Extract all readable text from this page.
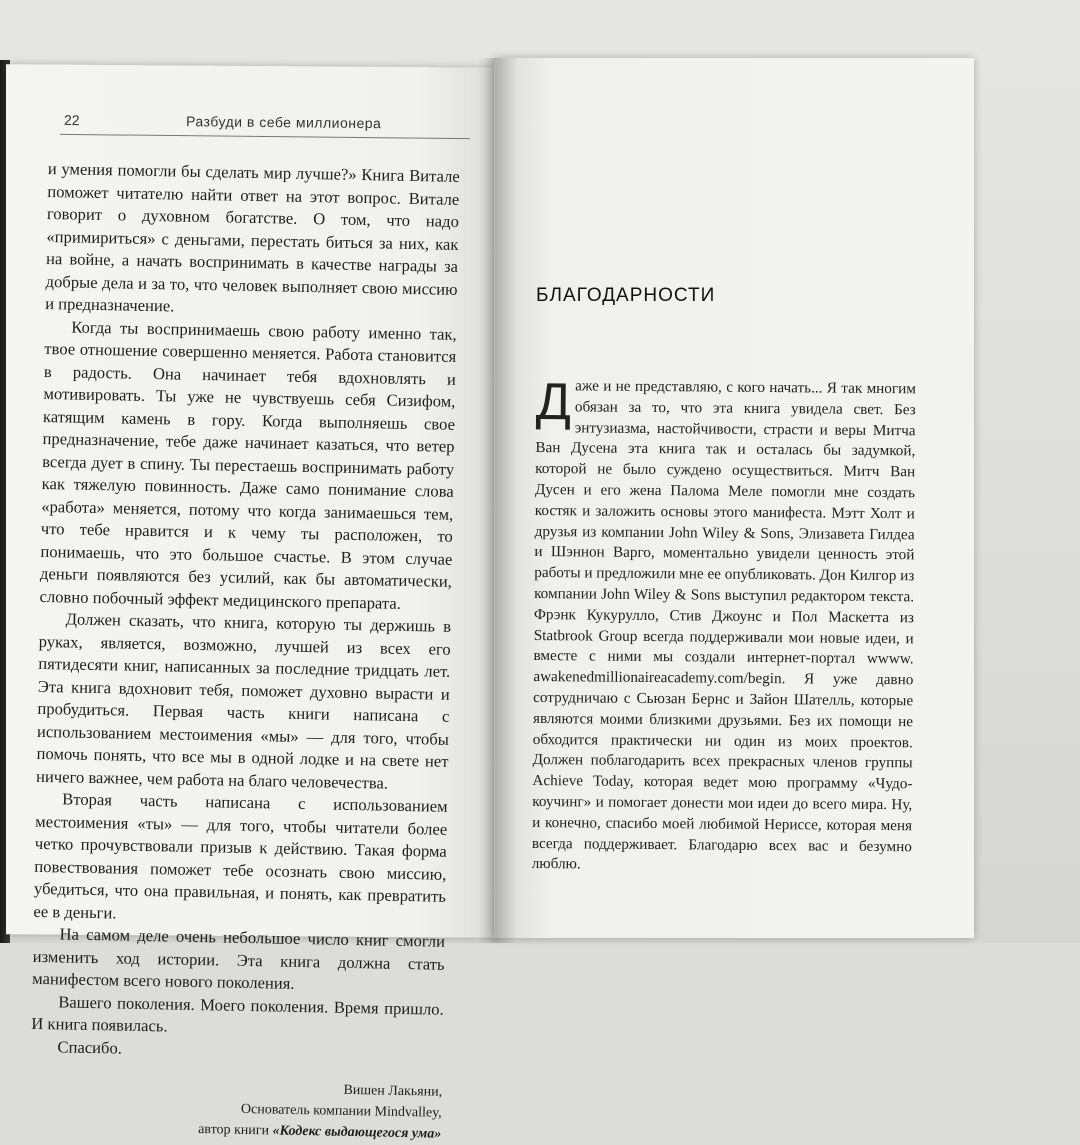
22	Разбуди в себе миллионера

и умения помогли бы сделать мир лучше?» Книга Витале поможет читателю найти ответ на этот вопрос. Витале говорит о духовном богатстве. О том, что надо «примириться» с деньгами, перестать биться за них, как на войне, а начать воспринимать в качестве награды за добрые дела и за то, что человек выполняет свою миссию и предназначение.

Когда ты воспринимаешь свою работу именно так, твое отношение совершенно меняется. Работа становится в радость. Она начинает тебя вдохновлять и мотивировать. Ты уже не чувствуешь себя Сизифом, катящим камень в гору. Когда выполняешь свое предназначение, тебе даже начинает казаться, что ветер всегда дует в спину. Ты перестаешь воспринимать работу как тяжелую повинность. Даже само понимание слова «работа» меняется, потому что когда занимаешься тем, что тебе нравится и к чему ты расположен, то понимаешь, что это большое счастье. В этом случае деньги появляются без усилий, как бы автоматически, словно побочный эффект медицинского препарата.

Должен сказать, что книга, которую ты держишь в руках, является, возможно, лучшей из всех его пятидесяти книг, написанных за последние тридцать лет. Эта книга вдохновит тебя, поможет духовно вырасти и пробудиться. Первая часть книги написана с использованием местоимения «мы» — для того, чтобы помочь понять, что все мы в одной лодке и на свете нет ничего важнее, чем работа на благо человечества.

Вторая часть написана с использованием местоимения «ты» — для того, чтобы читатели более четко прочувствовали призыв к действию. Такая форма повествования поможет тебе осознать свою миссию, убедиться, что она правильная, и понять, как превратить ее в деньги.

На самом деле очень небольшое число книг смогли изменить ход истории. Эта книга должна стать манифестом всего нового поколения.

Вашего поколения. Моего поколения. Время пришло. И книга появилась.

Спасибо.

Вишен Лакьяни,
Основатель компании Mindvalley,
автор книги «Кодекс выдающегося ума»

БЛАГОДАРНОСТИ
Д аже и не представляю, с кого начать... Я так многим обязан за то, что эта книга увидела свет. Без энтузиазма, настойчивости, страсти и веры Митча Ван Дусена эта книга так и осталась бы задумкой, которой не было суждено осуществиться. Митч Ван Дусен и его жена Палома Меле помогли мне создать костяк и заложить основы этого манифеста. Мэтт Холт и друзья из компании John Wiley & Sons, Элизавета Гилдеа и Шэннон Варго, моментально увидели ценность этой работы и предложили мне ее опубликовать. Дон Килгор из компании John Wiley & Sons выступил редактором текста. Фрэнк Кукурулло, Стив Джоунс и Пол Маскетта из Statbrook Group всегда поддерживали мои новые идеи, и вместе с ними мы создали интернет-портал wwww. awakenedmillionaireacademy.com/begin. Я уже давно сотрудничаю с Сьюзан Бернс и Зайон Шателль, которые являются моими близкими друзьями. Без их помощи не обходится практически ни один из моих проектов. Должен поблагодарить всех прекрасных членов группы Achieve Today, которая ведет мою программу «Чудо-коучинг» и помогает донести мои идеи до всего мира. Ну, и конечно, спасибо моей любимой Нериссе, которая меня всегда поддерживает. Благодарю всех вас и безумно люблю.
